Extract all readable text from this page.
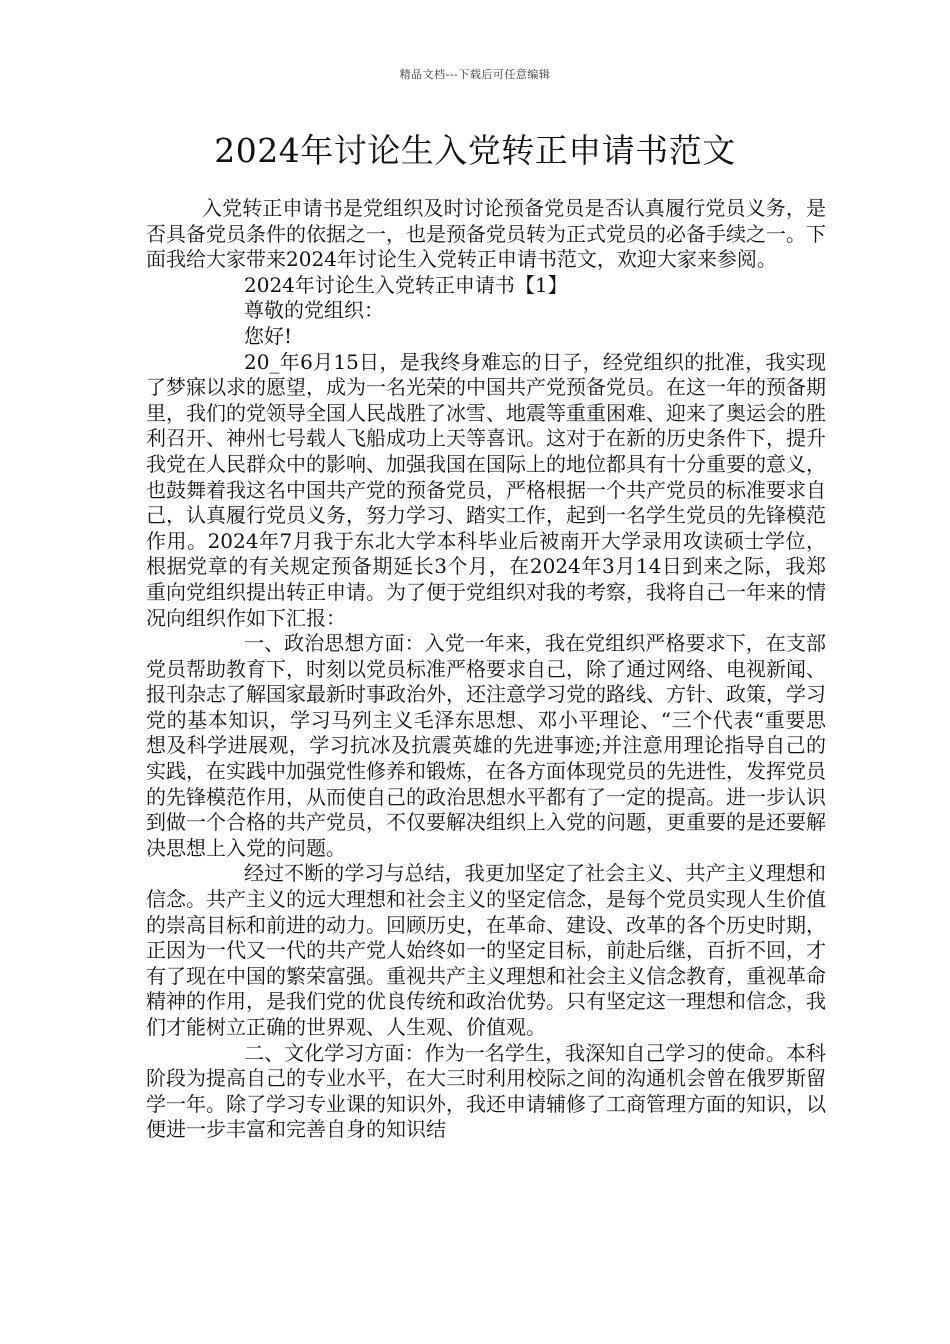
精品文档---下载后可任意编辑
2024年讨论生入党转正申请书范文

入党转正申请书是党组织及时讨论预备党员是否认真履行党员义务，是否具备党员条件的依据之一，也是预备党员转为正式党员的必备手续之一。下面我给大家带来2024年讨论生入党转正申请书范文，欢迎大家来参阅。

2024年讨论生入党转正申请书【1】

尊敬的党组织：

您好!

20_年6月15日，是我终身难忘的日子，经党组织的批准，我实现了梦寐以求的愿望，成为一名光荣的中国共产党预备党员。在这一年的预备期里，我们的党领导全国人民战胜了冰雪、地震等重重困难、迎来了奥运会的胜利召开、神州七号载人飞船成功上天等喜讯。这对于在新的历史条件下，提升我党在人民群众中的影响、加强我国在国际上的地位都具有十分重要的意义，也鼓舞着我这名中国共产党的预备党员，严格根据一个共产党员的标准要求自己，认真履行党员义务，努力学习、踏实工作，起到一名学生党员的先锋模范作用。2024年7月我于东北大学本科毕业后被南开大学录用攻读硕士学位，根据党章的有关规定预备期延长3个月，在2024年3月14日到来之际，我郑重向党组织提出转正申请。为了便于党组织对我的考察，我将自己一年来的情况向组织作如下汇报：

一、政治思想方面：入党一年来，我在党组织严格要求下，在支部党员帮助教育下，时刻以党员标准严格要求自己，除了通过网络、电视新闻、报刊杂志了解国家最新时事政治外，还注意学习党的路线、方针、政策，学习党的基本知识，学习马列主义毛泽东思想、邓小平理论、“三个代表“重要思想及科学进展观，学习抗冰及抗震英雄的先进事迹;并注意用理论指导自己的实践，在实践中加强党性修养和锻炼，在各方面体现党员的先进性，发挥党员的先锋模范作用，从而使自己的政治思想水平都有了一定的提高。进一步认识到做一个合格的共产党员，不仅要解决组织上入党的问题，更重要的是还要解决思想上入党的问题。

经过不断的学习与总结，我更加坚定了社会主义、共产主义理想和信念。共产主义的远大理想和社会主义的坚定信念，是每个党员实现人生价值的崇高目标和前进的动力。回顾历史，在革命、建设、改革的各个历史时期，正因为一代又一代的共产党人始终如一的坚定目标，前赴后继，百折不回，才有了现在中国的繁荣富强。重视共产主义理想和社会主义信念教育，重视革命精神的作用，是我们党的优良传统和政治优势。只有坚定这一理想和信念，我们才能树立正确的世界观、人生观、价值观。

二、文化学习方面：作为一名学生，我深知自己学习的使命。本科阶段为提高自己的专业水平，在大三时利用校际之间的沟通机会曾在俄罗斯留学一年。除了学习专业课的知识外，我还申请辅修了工商管理方面的知识，以便进一步丰富和完善自身的知识结
